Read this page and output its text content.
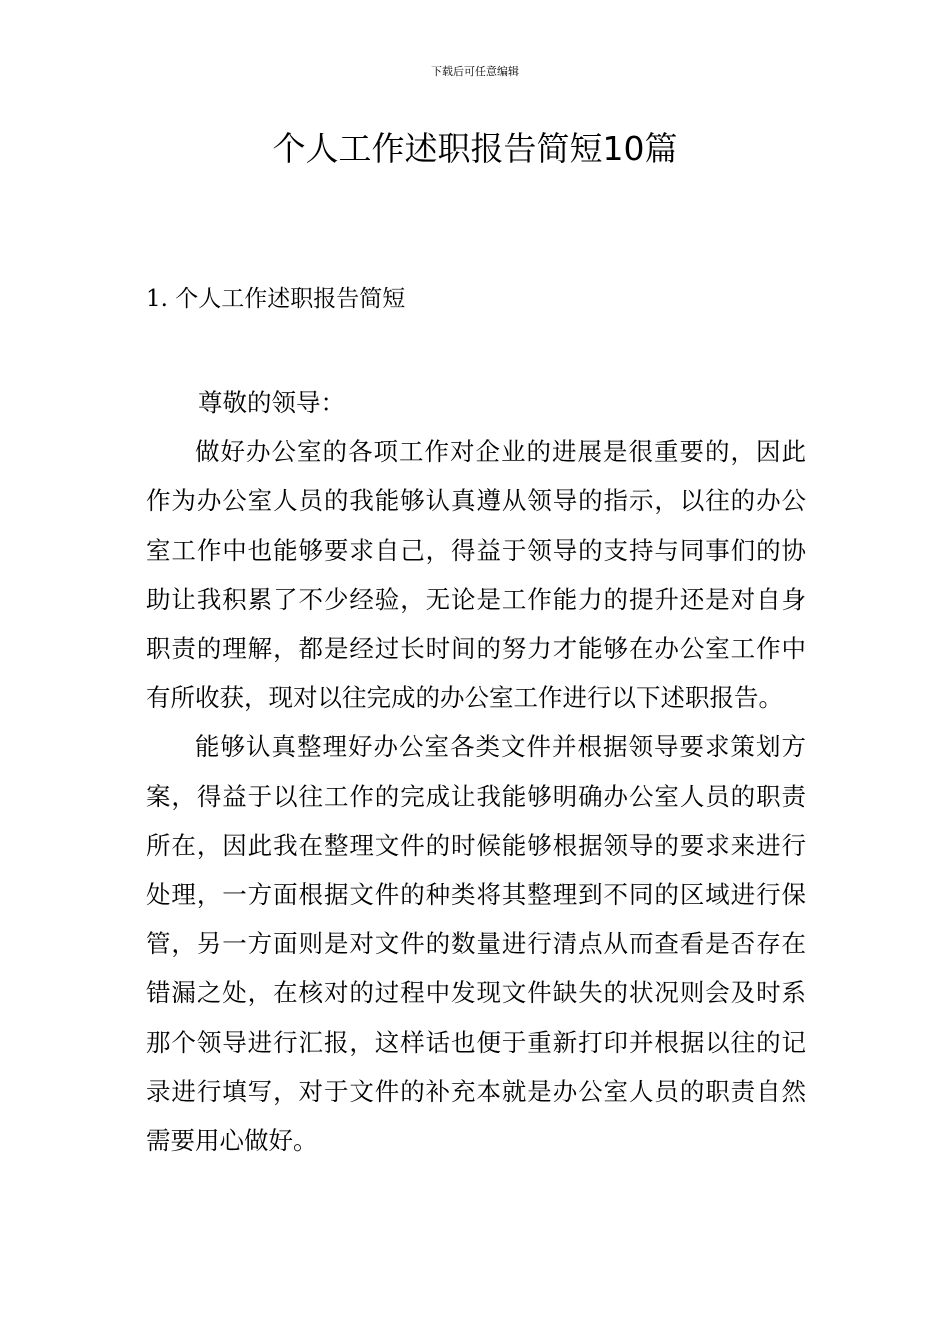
下载后可任意编辑
个人工作述职报告简短10篇
1. 个人工作述职报告简短

尊敬的领导：

做好办公室的各项工作对企业的进展是很重要的，因此作为办公室人员的我能够认真遵从领导的指示，以往的办公室工作中也能够要求自己，得益于领导的支持与同事们的协助让我积累了不少经验，无论是工作能力的提升还是对自身职责的理解，都是经过长时间的努力才能够在办公室工作中有所收获，现对以往完成的办公室工作进行以下述职报告。

能够认真整理好办公室各类文件并根据领导要求策划方案，得益于以往工作的完成让我能够明确办公室人员的职责所在，因此我在整理文件的时候能够根据领导的要求来进行处理，一方面根据文件的种类将其整理到不同的区域进行保管，另一方面则是对文件的数量进行清点从而查看是否存在错漏之处，在核对的过程中发现文件缺失的状况则会及时系那个领导进行汇报，这样话也便于重新打印并根据以往的记录进行填写，对于文件的补充本就是办公室人员的职责自然需要用心做好。
